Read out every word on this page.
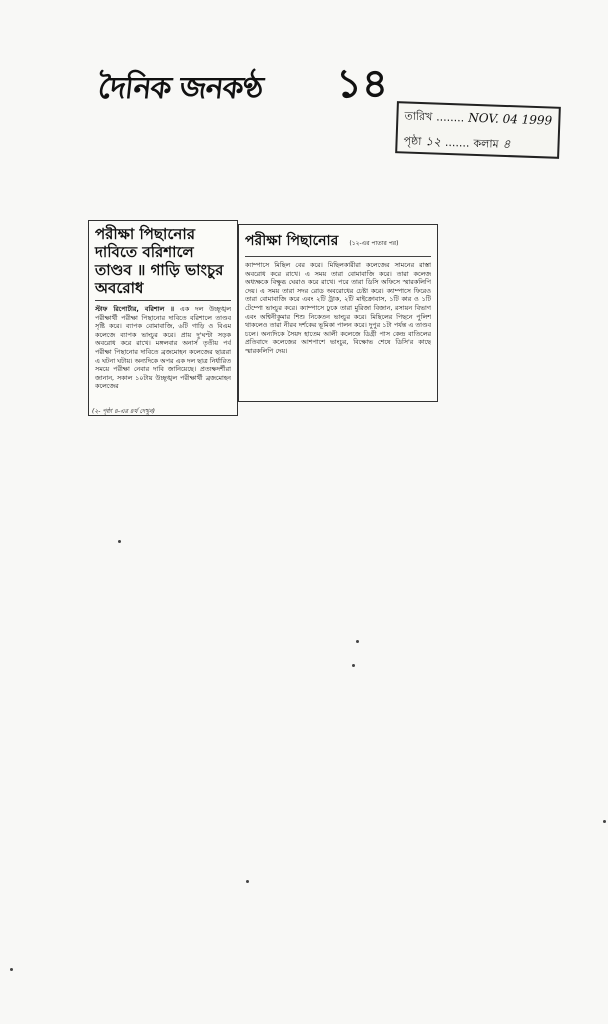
দৈনিক জনকণ্ঠ ১৪
তারিখ ........ NOV. 04 1999
পৃষ্ঠা ১২ ....... কলাম ৪
পরীক্ষা পিছানোর দাবিতে বরিশালে তাণ্ডব ॥ গাড়ি ভাংচুর অবরোধ

স্টাফ রিপোর্টার, বরিশাল ॥ এক দল উচ্ছৃঙ্খল পরীক্ষার্থী পরীক্ষা পিছানোর দাবিতে বরিশালে তাণ্ডব সৃষ্টি করে। ব্যাপক বোমাবাজি, ৬টি গাড়ি ও বিএম কলেজে ব্যাপক ভাংচুর করে। প্রায় দু'ঘণ্টা সড়ক অবরোধ করে রাখে। মঙ্গলবার অনার্স তৃতীয় পর্ব পরীক্ষা পিছানোর দাবিতে ব্রজমোহন কলেজের ছাত্ররা এ ঘটনা ঘটায়। অন্যদিকে অপর এক দল ছাত্র নির্ধারিত সময়ে পরীক্ষা নেবার দাবি জানিয়েছে। প্রত্যক্ষদর্শীরা জানান, সকাল ১০টায় উচ্ছৃঙ্খল পরীক্ষার্থী ব্রজমোহন কলেজের

(২- পৃষ্ঠা ৪-এর ৪র্থ দেখুন)
পরীক্ষা পিছানোর (১২-এর পাতার পর)

ক্যাম্পাসে মিছিল বের করে। মিছিলকারীরা কলেজের সামনের রাস্তা অবরোধ করে রাখে। এ সময় তারা বোমাবাজি করে। তারা কলেজ অধ্যক্ষকে বিক্ষুব্ধ ঘেরাও করে রাখে। পরে তারা ডিসি অফিসে স্মারকলিপি দেয়। এ সময় তারা সদর রোড অবরোধের চেষ্টা করে। ক্যাম্পাসে ফিরেও তারা বোমাবাজি করে এবং ২টি ট্রাক, ২টি মাইক্রোবাস, ১টি কার ও ১টি টেম্পো ভাংচুর করে। ক্যাম্পাসে ঢুকে তারা মুরিজা বিজান, রসায়ন বিভাগ এবং অশ্বিনীকুমার শিশু নিকেতন ভাংচুর করে। মিছিলের পিছনে পুলিশ থাকলেও তারা নীরব দর্শকের ভূমিকা পালন করে। দুপুর ১টা পর্যন্ত এ তাণ্ডব চলে। অন্যদিকে সৈয়দ হাতেম আলী কলেজে ডিগ্রী পাস কেন্দ্র বাতিলের প্রতিবাদে কলেজের আশপাশে ভাংচুর, বিক্ষোভ শেষে ডিসি'র কাছে স্মারকলিপি দেয়।
